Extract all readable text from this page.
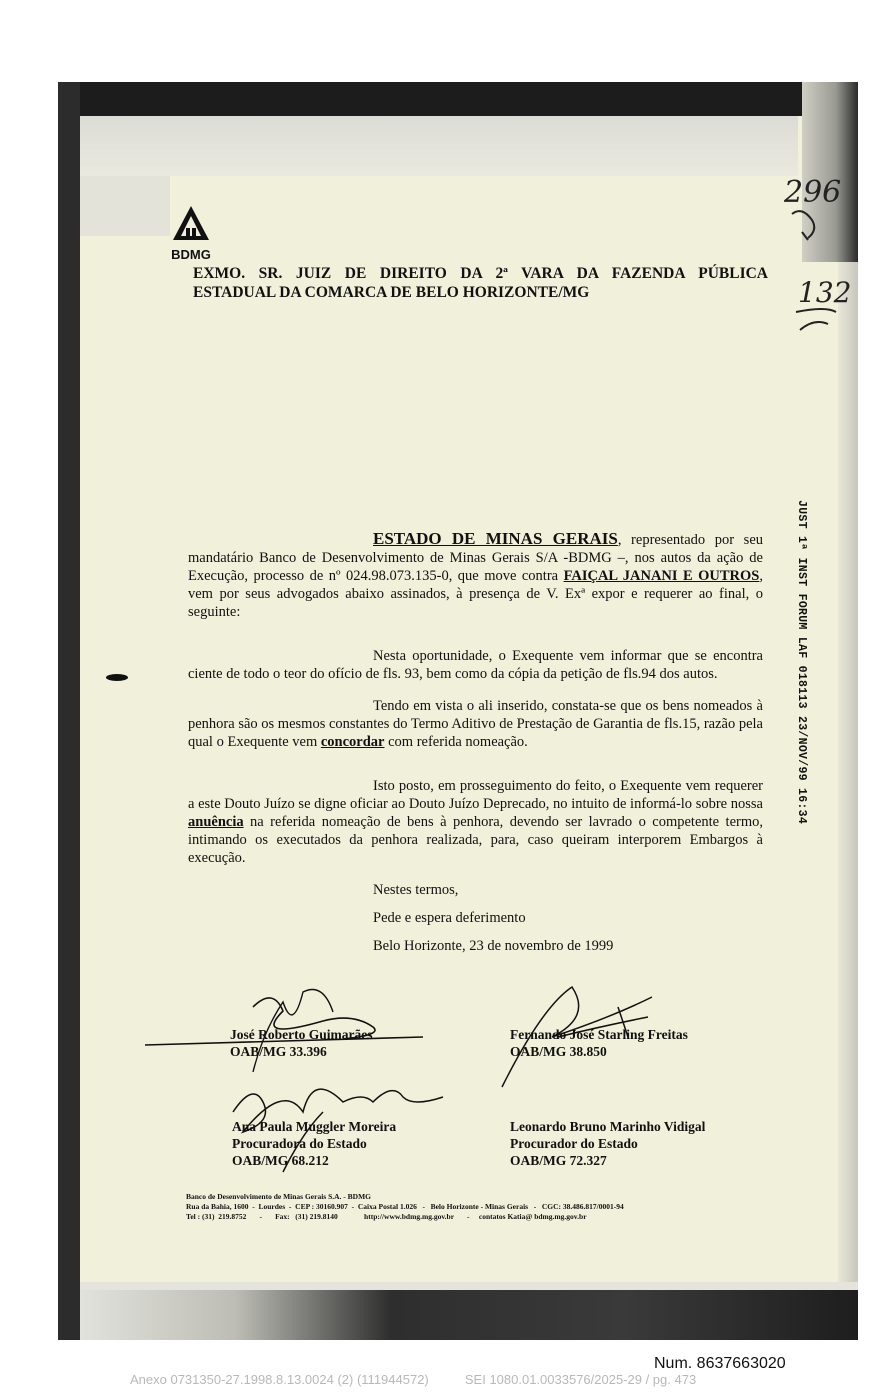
BDMG
EXMO. SR. JUIZ DE DIREITO DA 2ª VARA DA FAZENDA PÚBLICA
ESTADUAL DA COMARCA DE BELO HORIZONTE/MG
296
132
JUST 1ª INST FORUM LAF 018113 23/NOV/99 16:34

ESTADO DE MINAS GERAIS, representado por seu mandatário Banco de Desenvolvimento de Minas Gerais S/A -BDMG –, nos autos da ação de Execução, processo de nº 024.98.073.135-0, que move contra FAIÇAL JANANI E OUTROS, vem por seus advogados abaixo assinados, à presença de V. Exª expor e requerer ao final, o seguinte:

Nesta oportunidade, o Exequente vem informar que se encontra ciente de todo o teor do ofício de fls. 93, bem como da cópia da petição de fls.94 dos autos.

Tendo em vista o ali inserido, constata-se que os bens nomeados à penhora são os mesmos constantes do Termo Aditivo de Prestação de Garantia de fls.15, razão pela qual o Exequente vem concordar com referida nomeação.

Isto posto, em prosseguimento do feito, o Exequente vem requerer a este Douto Juízo se digne oficiar ao Douto Juízo Deprecado, no intuito de informá-lo sobre nossa anuência na referida nomeação de bens à penhora, devendo ser lavrado o competente termo, intimando os executados da penhora realizada, para, caso queiram interporem Embargos à execução.

Nestes termos,
Pede e espera deferimento
Belo Horizonte, 23 de novembro de 1999
José Roberto Guimarães
OAB/MG 33.396
Fernando José Starling Freitas
OAB/MG 38.850
Ana Paula Muggler Moreira
Procuradora do Estado
OAB/MG 68.212
Leonardo Bruno Marinho Vidigal
Procurador do Estado
OAB/MG 72.327
Banco de Desenvolvimento de Minas Gerais S.A. - BDMG
Rua da Bahia, 1600  -  Lourdes  -  CEP : 30160.907  -  Caixa Postal 1.026   -   Belo Horizonte - Minas Gerais   -   CGC: 38.486.817/0001-94
Tel : (31)  219.8752       -       Fax:   (31) 219.8140              http://www.bdmg.mg.gov.br       -     contatos Katia@ bdmg.mg.gov.br
Num. 8637663020
Anexo 0731350-27.1998.8.13.0024 (2) (111944572)          SEI 1080.01.0033576/2025-29 / pg. 473
